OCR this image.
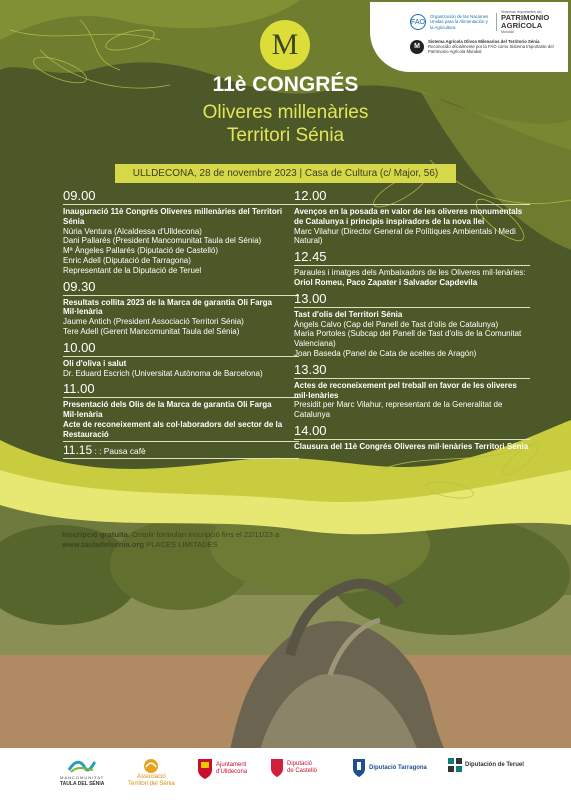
FAO
Organización de las Naciones Unidas para la Alimentación y la Agricultura
Sistemas Importantes del
PATRIMONIO
AGRÍCOLA
Mundial
M
Sistema Agrícola Olivos Milenarios del Territorio Sénia
Reconocido oficialmente por la FAO como Sistema Importante del Patrimonio Agrícola Mundial
M
11è CONGRÉS
Oliveres millenàries
Territori Sénia
ULLDECONA, 28 de novembre 2023 | Casa de Cultura (c/ Major, 56)
09.00
Inauguració 11è Congrés Oliveres millenàries del Territori Sénia
Núria Ventura (Alcaldessa d'Ulldecona)
Dani Pallarés (President Mancomunitat Taula del Sénia)
Mª Àngeles Pallarés (Diputació de Castelló)
Enric Adell (Diputació de Tarragona)
Representant de la Diputació de Teruel
09.30
Resultats collita 2023 de la Marca de garantia Oli Farga Mil·lenària
Jaume Antich (President Associació Territori Sénia)
Tere Adell (Gerent Mancomunitat Taula del Sénia)
10.00
Oli d'oliva i salut
Dr. Eduard Escrich (Universitat Autònoma de Barcelona)
11.00
Presentació dels Olis de la Marca de garantia Oli Farga Mil·lenària
Acte de reconeixement als col·laboradors del sector de la Restauració
11.15 : : Pausa cafè
12.00
Avenços en la posada en valor de les oliveres monumentals de Catalunya i principis inspiradors de la nova llei
Marc Vilahur (Director General de Polítiques Ambientals i Medi Natural)
12.45
Paraules i imatges dels Ambaixadors de les Oliveres mil·lenàries:
Oriol Romeu, Paco Zapater i Salvador Capdevila
13.00
Tast d'olis del Territori Sénia
Àngels Calvo (Cap del Panell de Tast d'olis de Catalunya)
Maria Portoles (Subcap del Panell de Tast d'olis de la Comunitat Valenciana)
Joan Baseda (Panel de Cata de aceites de Aragón)
13.30
Actes de reconeixement pel treball en favor de les oliveres mil·lenàries
Presidit per Marc Vilahur, representant de la Generalitat de Catalunya
14.00
Clausura del 11è Congrés Oliveres mil·lenàries Territori Sénia
Inscripció gratuïta. Omplir formulari inscripció fins el 22/11/23 a www.tauladelsenia.org PLACES LIMITADES
MANCOMUNITAT
TAULA DEL SÉNIA
Associació
Territori del Sénia
Ajuntament
d'Ulldecona
Diputació
de Castelló
Diputació Tarragona	Diputación de Teruel
